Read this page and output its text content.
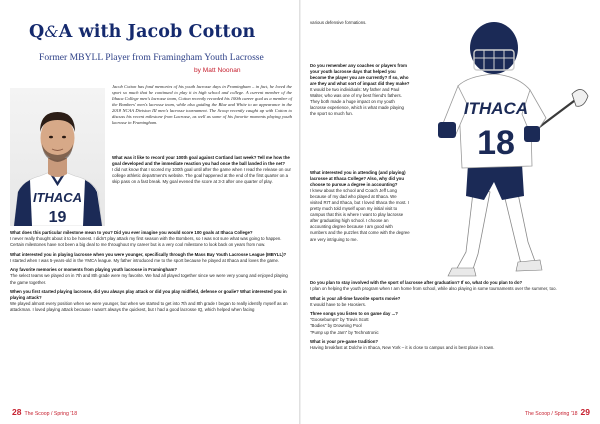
Q&A with Jacob Cotton
Former MBYLL Player from Framingham Youth Lacrosse
by Matt Noonan
ITHACA
19
ITHACA
18
Jacob Cotton has fond memories of his youth lacrosse days in Framingham – in fact, he loved the sport so much that he continued to play it in high school and college. A current member of the Ithaca College men's lacrosse team, Cotton recently recorded his 100th career goal as a member of the Bombers' men's lacrosse team, while also guiding the Blue and White to an appearance in the 2018 NCAA Division III men's lacrosse tournament. The Scoop recently caught up with Cotton to discuss his recent milestone from Lacrosse, as well as some of his favorite moments playing youth lacrosse in Framingham.

What was it like to record your 100th goal against Cortland last week? Tell me how the goal developed and the immediate reaction you had once the ball landed in the net?

I did not know that I scored my 100th goal until after the game when I read the release on our college athletic department's website. The goal happened at the end of the first quarter on a skip pass on a fast break. My goal evened the score at 3-3 after one quarter of play.

What does this particular milestone mean to you? Did you ever imagine you would score 100 goals at Ithaca College?

I never really thought about it to be honest. I didn't play attack my first season with the Bombers, so I was not sure what was going to happen. Certain milestones have not been a big deal to me throughout my career but is a very cool milestone to look back on years from now.

What interested you in playing lacrosse when you were younger, specifically through the Mass Bay Youth Lacrosse League (MBYLL)?

I started when I was 5-years-old in the YMCA league. My father introduced me to the sport because he played at Ithaca and loves the game.

Any favorite memories or moments from playing youth lacrosse in Framingham?

The select teams we played on in 7th and 8th grade were my favorite. We had all played together since we were very young and enjoyed playing the game together.

When you first started playing lacrosse, did you always play attack or did you play midfield, defense or goalie? What interested you in playing attack?

We played almost every position when we were younger, but when we started to get into 7th and 8th grade I began to really identify myself as an attackman. I loved playing attack because I wasn't always the quickest, but I had a good lacrosse IQ, which helped when facing

various defensive formations.

Do you remember any coaches or players from your youth lacrosse days that helped you become the player you are currently? If so, who are they and what sort of impact did they make?

It would be two individuals: My father and Paul Walter, who was one of my best friend's fathers. They both made a huge impact on my youth lacrosse experience, which is what made playing the sport so much fun.

What interested you in attending (and playing) lacrosse at Ithaca College? Also, why did you choose to pursue a degree in accounting?

I knew about the school and Coach Jeff Long because of my dad who played at Ithaca. We visited RIT and Ithaca, but I loved Ithaca the most. I pretty much told myself upon my initial visit to campus that this is where I want to play lacrosse after graduating high school. I choose an accounting degree because I am good with numbers and the puzzles that come with the degree are very intriguing to me.

Do you plan to stay involved with the sport of lacrosse after graduation? If so, what do you plan to do?

I plan on helping the youth program when I am home from school, while also playing in some tournaments over the summer, too.

What is your all-time favorite sports movie?

It would have to be Hoosiers.

Three songs you listen to on game day ...?

"Goosebumps" by Travis Scott
"Bodies" by Drowning Pool
"Pump up the Jam" by Technotronic

What is your pre-game tradition?

Having breakfast at Dolche in Ithaca, New York – it is close to campus and is best place in town.

28 The Scoop / Spring '18	The Scoop / Spring '18 29
